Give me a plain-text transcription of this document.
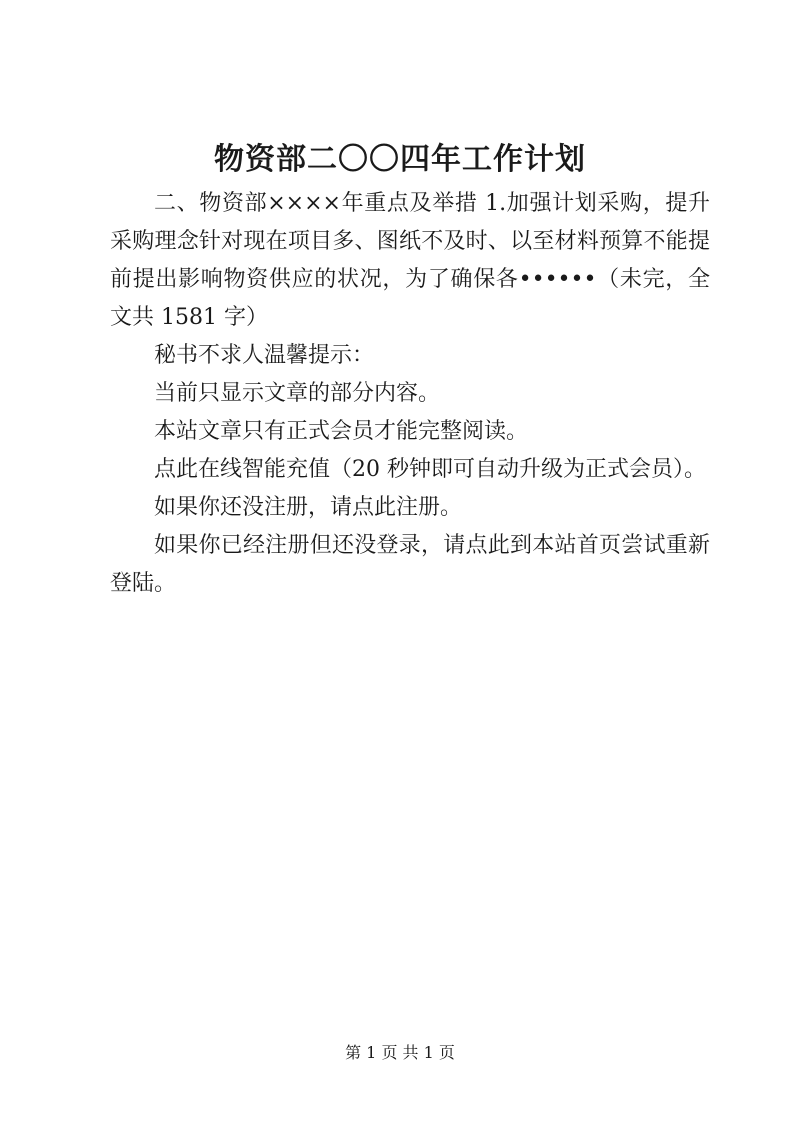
物资部二〇〇四年工作计划

二、物资部××××年重点及举措 1.加强计划采购，提升采购理念针对现在项目多、图纸不及时、以至材料预算不能提前提出影响物资供应的状况，为了确保各••••••（未完，全文共 1581 字）

秘书不求人温馨提示：

当前只显示文章的部分内容。

本站文章只有正式会员才能完整阅读。

点此在线智能充值（20 秒钟即可自动升级为正式会员）。

如果你还没注册，请点此注册。

如果你已经注册但还没登录，请点此到本站首页尝试重新登陆。

第 1 页 共 1 页
